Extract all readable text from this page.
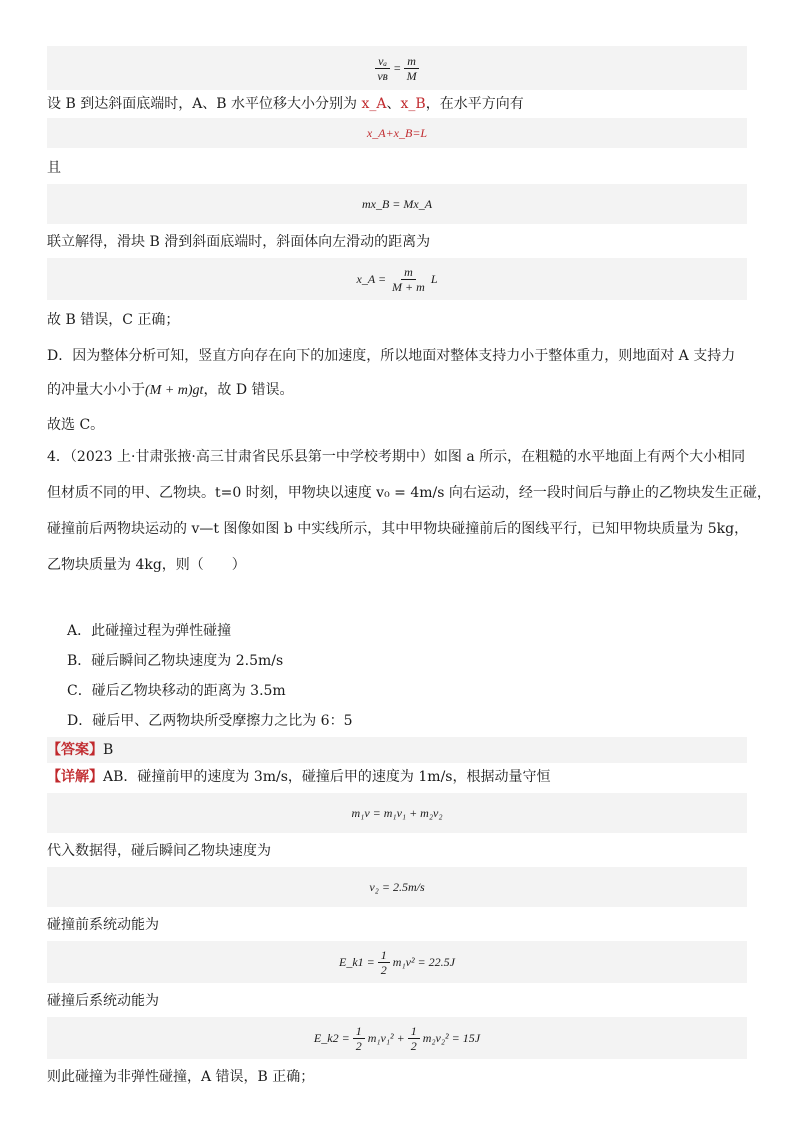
$\frac{\text{vₐ}}{\text{vʙ}} = \frac{m}{M}$
设 B 到达斜面底端时，A、B 水平位移大小分别为 x_A、x_B，在水平方向有
x_A+x_B=L
且
mx_B = Mx_A
联立解得，滑块 B 滑到斜面底端时，斜面体向左滑动的距离为
x_A = $\frac{m}{M + m}$ L
故 B 错误，C 正确；
D．因为整体分析可知，竖直方向存在向下的加速度，所以地面对整体支持力小于整体重力，则地面对 A 支持力
的冲量大小小于(M + m)gt，故 D 错误。
故选 C。
4．（2023 上·甘肃张掖·高三甘肃省民乐县第一中学校考期中）如图 a 所示，在粗糙的水平地面上有两个大小相同
但材质不同的甲、乙物块。t=0 时刻，甲物块以速度 v₀ = 4m/s 向右运动，经一段时间后与静止的乙物块发生正碰，
碰撞前后两物块运动的 v—t 图像如图 b 中实线所示，其中甲物块碰撞前后的图线平行，已知甲物块质量为 5kg，
乙物块质量为 4kg，则（　　）
A．此碰撞过程为弹性碰撞
B．碰后瞬间乙物块速度为 2.5m/s
C．碰后乙物块移动的距离为 3.5m
D．碰后甲、乙两物块所受摩擦力之比为 6：5
【答案】B
【详解】AB．碰撞前甲的速度为 3m/s，碰撞后甲的速度为 1m/s，根据动量守恒
m₁v = m₁v₁ + m₂v₂
代入数据得，碰后瞬间乙物块速度为
v₂ = 2.5m/s
碰撞前系统动能为
E_k1 = $\frac{1}{2} m_1v^2 = 22.5J$
碰撞后系统动能为
E_k2 = $\frac{1}{2} m_1v_1^2 + \frac{1}{2} m_2v_2^2 = 15J$
则此碰撞为非弹性碰撞，A 错误，B 正确；
